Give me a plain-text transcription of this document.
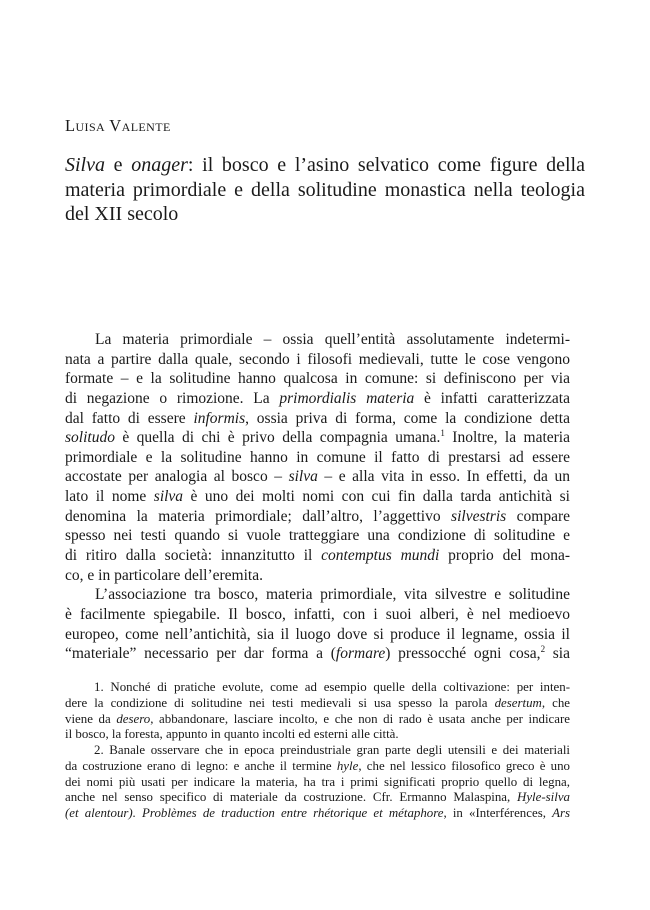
Luisa Valente
Silva e onager: il bosco e l’asino selvatico come figure della
materia primordiale e della solitudine monastica nella teologia
del XII secolo
La materia primordiale – ossia quell’entità assolutamente indetermi-
nata a partire dalla quale, secondo i filosofi medievali, tutte le cose vengono
formate – e la solitudine hanno qualcosa in comune: si definiscono per via
di negazione o rimozione. La primordialis materia è infatti caratterizzata
dal fatto di essere informis, ossia priva di forma, come la condizione detta
solitudo è quella di chi è privo della compagnia umana.$^1$ Inoltre, la materia
primordiale e la solitudine hanno in comune il fatto di prestarsi ad essere
accostate per analogia al bosco – silva – e alla vita in esso. In effetti, da un
lato il nome silva è uno dei molti nomi con cui fin dalla tarda antichità si
denomina la materia primordiale; dall’altro, l’aggettivo silvestris compare
spesso nei testi quando si vuole tratteggiare una condizione di solitudine e
di ritiro dalla società: innanzitutto il contemptus mundi proprio del mona-
co, e in particolare dell’eremita.
L’associazione tra bosco, materia primordiale, vita silvestre e solitudine
è facilmente spiegabile. Il bosco, infatti, con i suoi alberi, è nel medioevo
europeo, come nell’antichità, sia il luogo dove si produce il legname, ossia il
“materiale” necessario per dar forma a (formare) pressocché ogni cosa,$^2$ sia
1. Nonché di pratiche evolute, come ad esempio quelle della coltivazione: per inten-
dere la condizione di solitudine nei testi medievali si usa spesso la parola desertum, che
viene da desero, abbandonare, lasciare incolto, e che non di rado è usata anche per indicare
il bosco, la foresta, appunto in quanto incolti ed esterni alle città.
2. Banale osservare che in epoca preindustriale gran parte degli utensili e dei materiali
da costruzione erano di legno: e anche il termine hyle, che nel lessico filosofico greco è uno
dei nomi più usati per indicare la materia, ha tra i primi significati proprio quello di legna,
anche nel senso specifico di materiale da costruzione. Cfr. Ermanno Malaspina, Hyle-silva
(et alentour). Problèmes de traduction entre rhétorique et métaphore, in «Interférences, Ars
